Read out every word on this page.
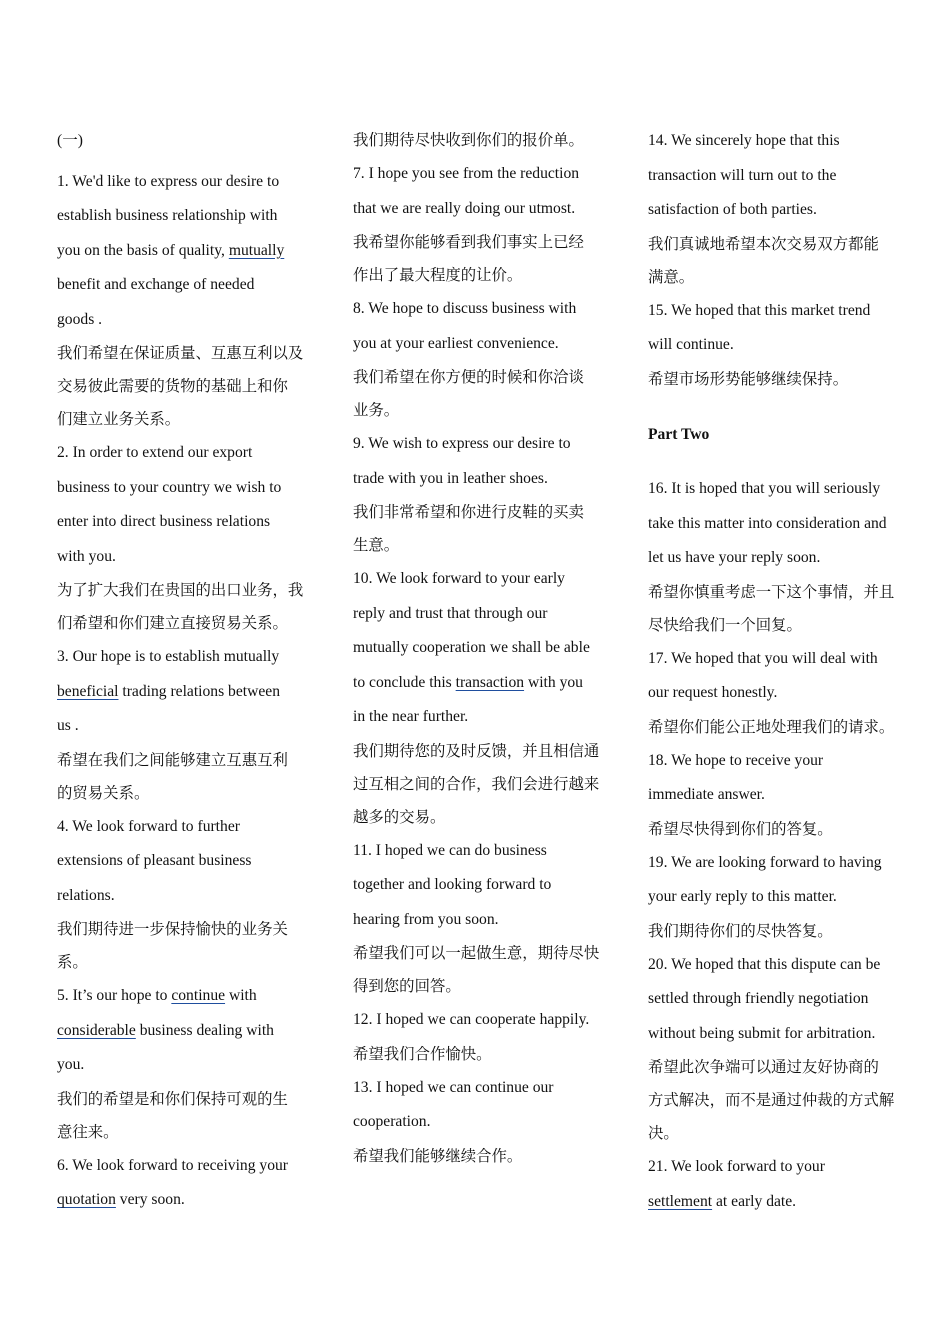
(一)

1. We'd like to express our desire to

establish business relationship with

you on the basis of quality, mutually

benefit and exchange of needed

goods .

我们希望在保证质量、互惠互利以及

交易彼此需要的货物的基础上和你

们建立业务关系。

2. In order to extend our export

business to your country we wish to

enter into direct business relations

with you.

为了扩大我们在贵国的出口业务，我

们希望和你们建立直接贸易关系。

3. Our hope is to establish mutually

beneficial trading relations between

us .

希望在我们之间能够建立互惠互利

的贸易关系。

4. We look forward to further

extensions of pleasant business

relations.

我们期待进一步保持愉快的业务关

系。

5. It’s our hope to continue with

considerable business dealing with

you.

我们的希望是和你们保持可观的生

意往来。

6. We look forward to receiving your

quotation very soon.

我们期待尽快收到你们的报价单。

7. I hope you see from the reduction

that we are really doing our utmost.

我希望你能够看到我们事实上已经

作出了最大程度的让价。

8. We hope to discuss business with

you at your earliest convenience.

我们希望在你方便的时候和你洽谈

业务。

9. We wish to express our desire to

trade with you in leather shoes.

我们非常希望和你进行皮鞋的买卖

生意。

10. We look forward to your early

reply and trust that through our

mutually cooperation we shall be able

to conclude this transaction with you

in the near further.

我们期待您的及时反馈，并且相信通

过互相之间的合作，我们会进行越来

越多的交易。

11. I hoped we can do business

together and looking forward to

hearing from you soon.

希望我们可以一起做生意，期待尽快

得到您的回答。

12. I hoped we can cooperate happily.

希望我们合作愉快。

13. I hoped we can continue our

cooperation.

希望我们能够继续合作。

14. We sincerely hope that this

transaction will turn out to the

satisfaction of both parties.

我们真诚地希望本次交易双方都能

满意。

15. We hoped that this market trend

will continue.

希望市场形势能够继续保持。

Part Two

16. It is hoped that you will seriously

take this matter into consideration and

let us have your reply soon.

希望你慎重考虑一下这个事情，并且

尽快给我们一个回复。

17. We hoped that you will deal with

our request honestly.

希望你们能公正地处理我们的请求。

18. We hope to receive your

immediate answer.

希望尽快得到你们的答复。

19. We are looking forward to having

your early reply to this matter.

我们期待你们的尽快答复。

20. We hoped that this dispute can be

settled through friendly negotiation

without being submit for arbitration.

希望此次争端可以通过友好协商的

方式解决，而不是通过仲裁的方式解

决。

21. We look forward to your

settlement at early date.
